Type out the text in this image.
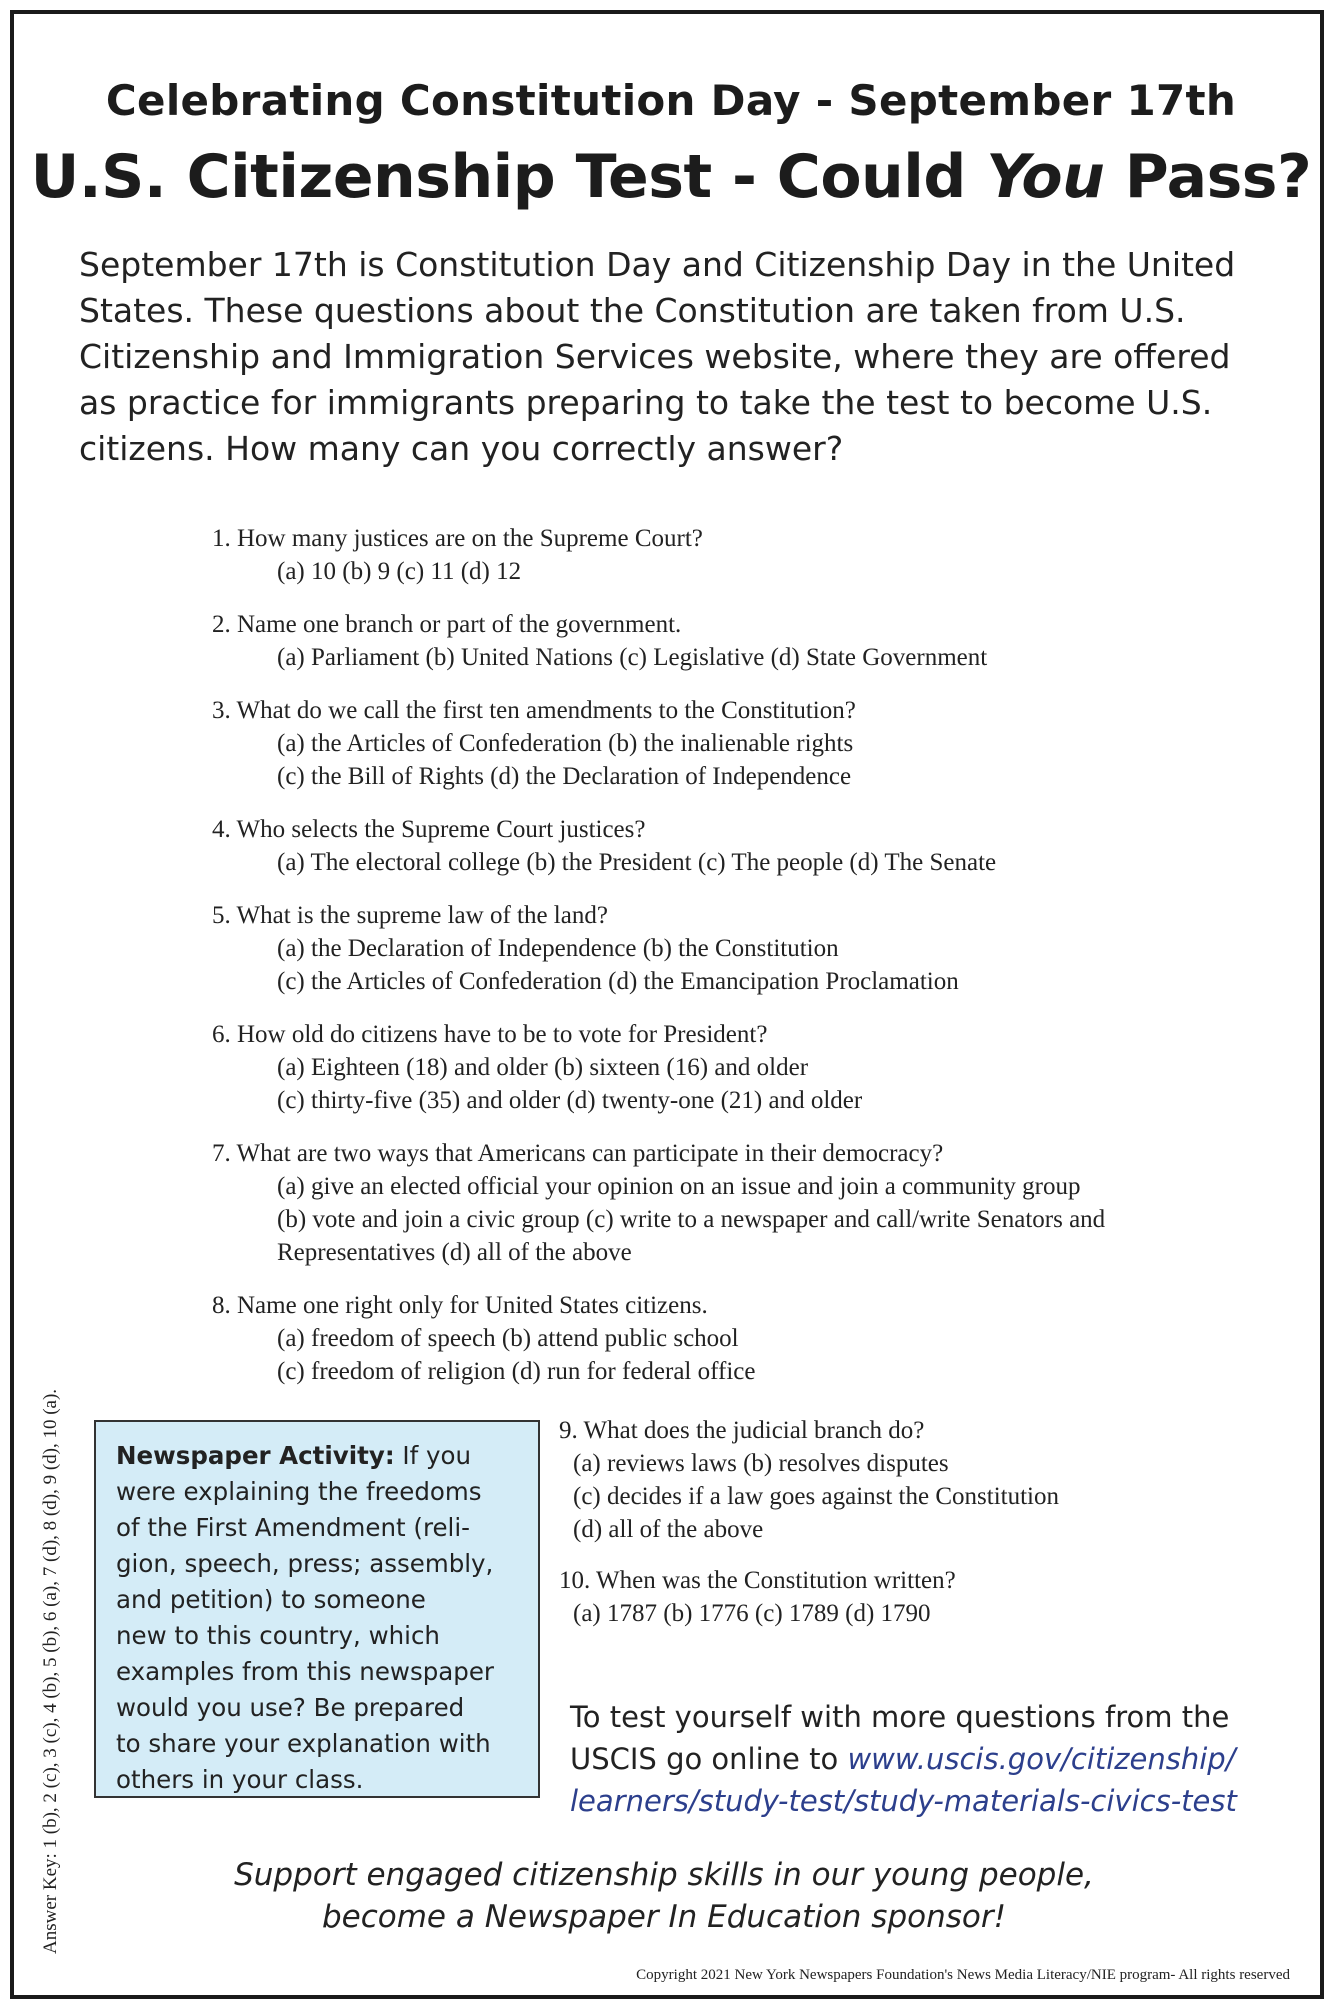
Celebrating Constitution Day - September 17th
U.S. Citizenship Test - Could You Pass?
September 17th is Constitution Day and Citizenship Day in the United
States. These questions about the Constitution are taken from U.S.
Citizenship and Immigration Services website, where they are offered
as practice for immigrants preparing to take the test to become U.S.
citizens. How many can you correctly answer?
1. How many justices are on the Supreme Court?
(a) 10 (b) 9 (c) 11 (d) 12
2. Name one branch or part of the government.
(a) Parliament (b) United Nations (c) Legislative (d) State Government
3. What do we call the first ten amendments to the Constitution?
(a) the Articles of Confederation (b) the inalienable rights
(c) the Bill of Rights (d) the Declaration of Independence
4. Who selects the Supreme Court justices?
(a) The electoral college (b) the President (c) The people (d) The Senate
5. What is the supreme law of the land?
(a) the Declaration of Independence (b) the Constitution
(c) the Articles of Confederation (d) the Emancipation Proclamation
6. How old do citizens have to be to vote for President?
(a) Eighteen (18) and older (b) sixteen (16) and older
(c) thirty-five (35) and older (d) twenty-one (21) and older
7. What are two ways that Americans can participate in their democracy?
(a) give an elected official your opinion on an issue and join a community group
(b) vote and join a civic group (c) write to a newspaper and call/write Senators and
Representatives (d) all of the above
8. Name one right only for United States citizens.
(a) freedom of speech (b) attend public school
(c) freedom of religion (d) run for federal office
9. What does the judicial branch do?
(a) reviews laws (b) resolves disputes
(c) decides if a law goes against the Constitution
(d) all of the above
10. When was the Constitution written?
(a) 1787 (b) 1776 (c) 1789 (d) 1790
Newspaper Activity: If you
were explaining the freedoms
of the First Amendment (reli-
gion, speech, press; assembly,
and petition) to someone
new to this country, which
examples from this newspaper
would you use? Be prepared
to share your explanation with
others in your class.
To test yourself with more questions from the
USCIS go online to www.uscis.gov/citizenship/
learners/study-test/study-materials-civics-test
Support engaged citizenship skills in our young people,
become a Newspaper In Education sponsor!
Copyright 2021 New York Newspapers Foundation's News Media Literacy/NIE program- All rights reserved
Answer Key: 1 (b), 2 (c), 3 (c), 4 (b), 5 (b), 6 (a), 7 (d), 8 (d), 9 (d), 10 (a).
